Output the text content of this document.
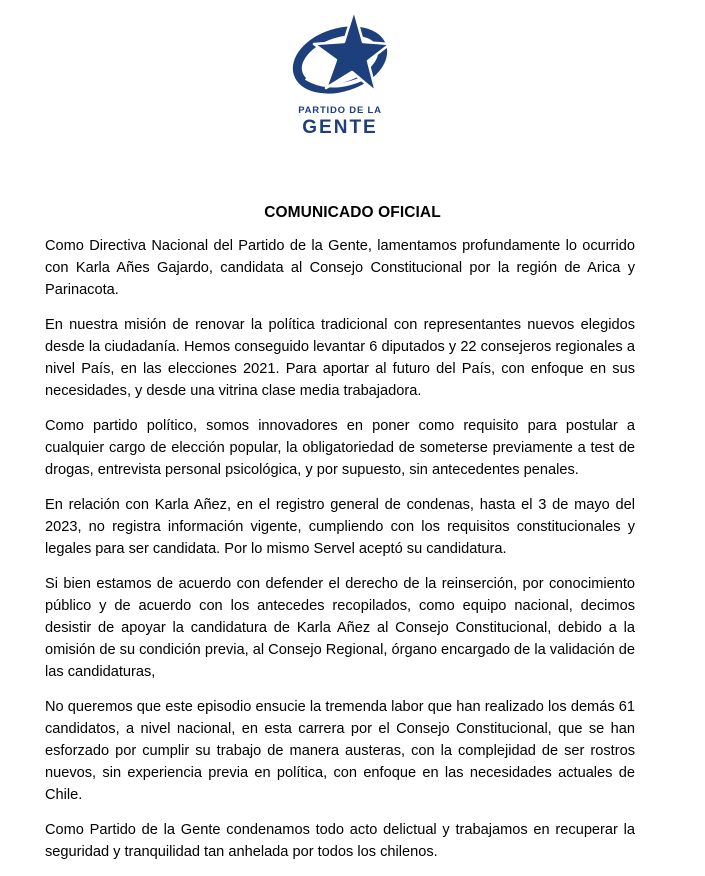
PARTIDO DE LA
GENTE
COMUNICADO OFICIAL

Como Directiva Nacional del Partido de la Gente, lamentamos profundamente lo ocurrido con Karla Añes Gajardo, candidata al Consejo Constitucional por la región de Arica y Parinacota.

En nuestra misión de renovar la política tradicional con representantes nuevos elegidos desde la ciudadanía. Hemos conseguido levantar 6 diputados y 22 consejeros regionales a nivel País, en las elecciones 2021. Para aportar al futuro del País, con enfoque en sus necesidades, y desde una vitrina clase media trabajadora.

Como partido político, somos innovadores en poner como requisito para postular a cualquier cargo de elección popular, la obligatoriedad de someterse previamente a test de drogas, entrevista personal psicológica, y por supuesto, sin antecedentes penales.

En relación con Karla Añez, en el registro general de condenas, hasta el 3 de mayo del 2023, no registra información vigente, cumpliendo con los requisitos constitucionales y legales para ser candidata. Por lo mismo Servel aceptó su candidatura.

Si bien estamos de acuerdo con defender el derecho de la reinserción, por conocimiento público y de acuerdo con los antecedes recopilados, como equipo nacional, decimos desistir de apoyar la candidatura de Karla Añez al Consejo Constitucional, debido a la omisión de su condición previa, al Consejo Regional, órgano encargado de la validación de las candidaturas,

No queremos que este episodio ensucie la tremenda labor que han realizado los demás 61 candidatos, a nivel nacional, en esta carrera por el Consejo Constitucional, que se han esforzado por cumplir su trabajo de manera austeras, con la complejidad de ser rostros nuevos, sin experiencia previa en política, con enfoque en las necesidades actuales de Chile.

Como Partido de la Gente condenamos todo acto delictual y trabajamos en recuperar la seguridad y tranquilidad tan anhelada por todos los chilenos.
